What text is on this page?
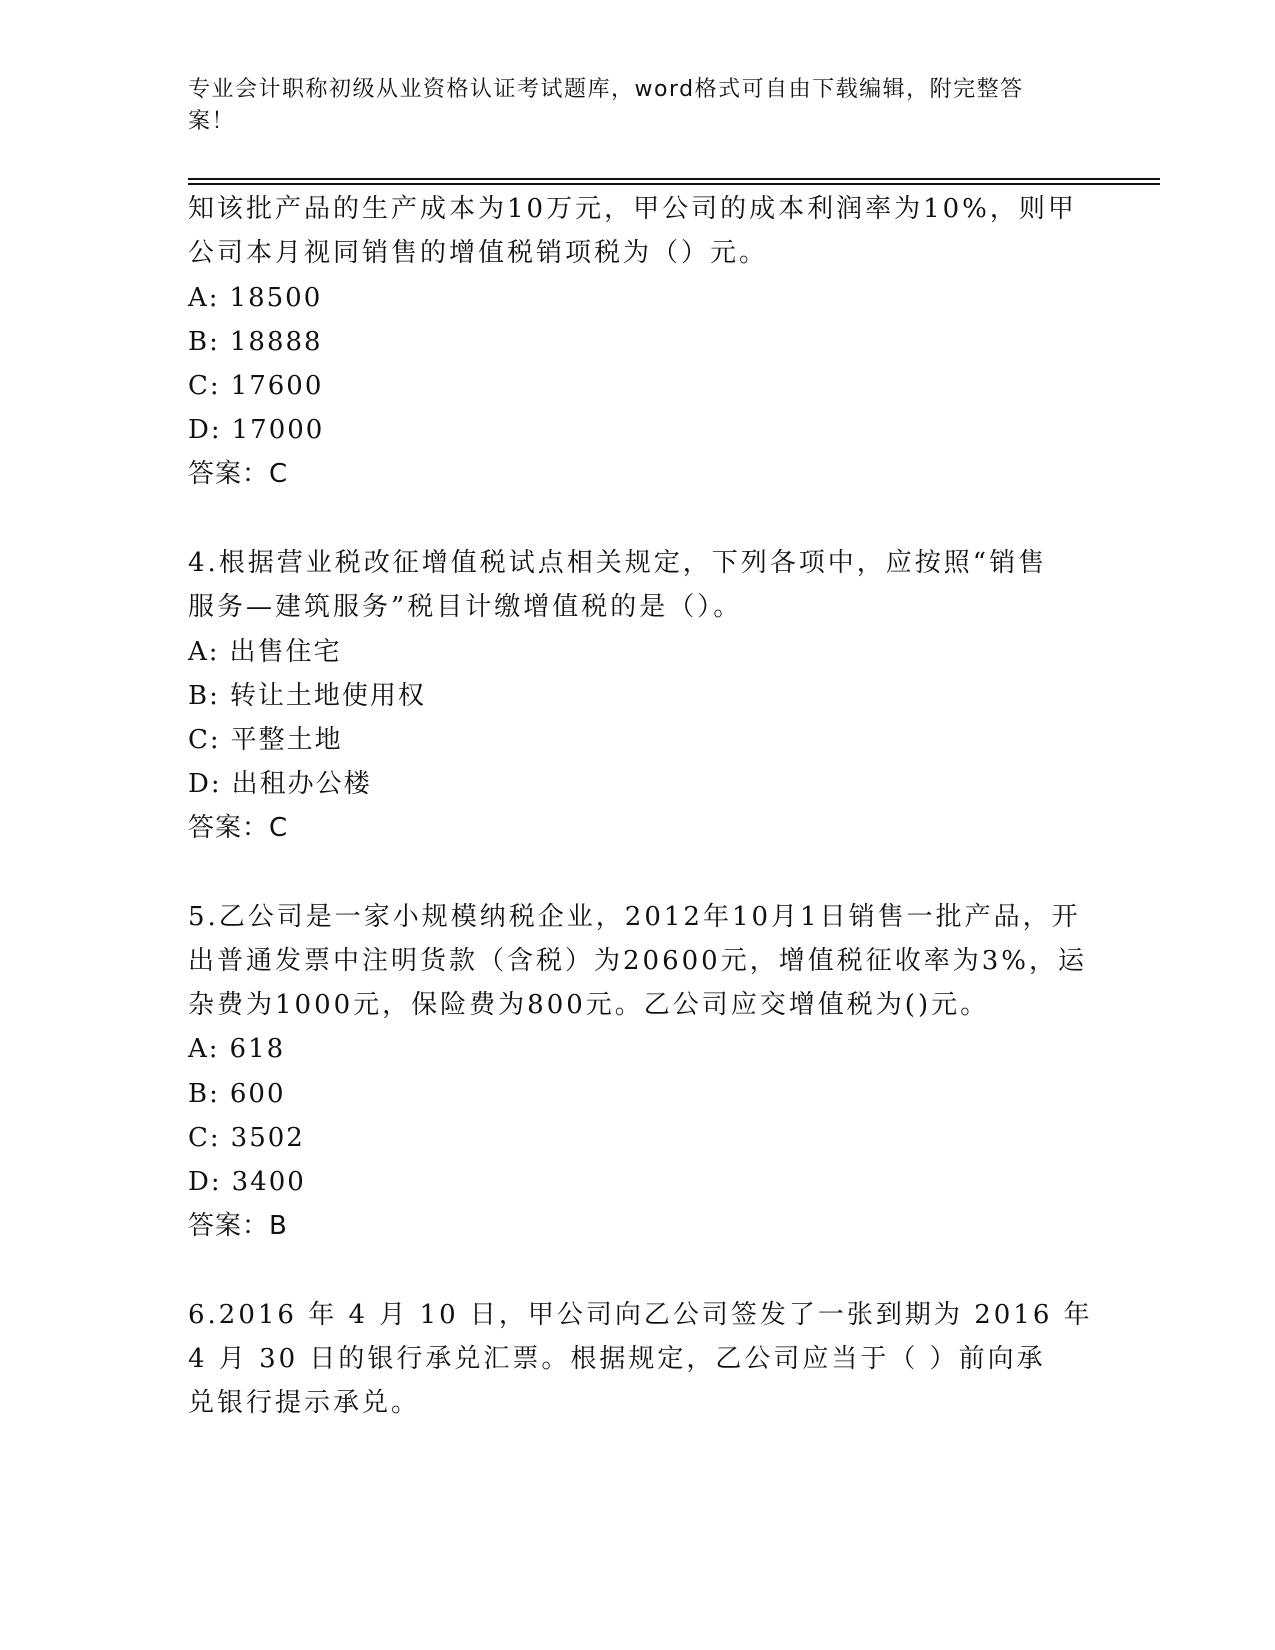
专业会计职称初级从业资格认证考试题库，word格式可自由下载编辑，附完整答案！
知该批产品的生产成本为10万元，甲公司的成本利润率为10%，则甲
公司本月视同销售的增值税销项税为（）元。
A: 18500
B: 18888
C: 17600
D: 17000
答案：C
4.根据营业税改征增值税试点相关规定，下列各项中，应按照“销售
服务—建筑服务”税目计缴增值税的是（）。
A: 出售住宅
B: 转让土地使用权
C: 平整土地
D: 出租办公楼
答案：C
5.乙公司是一家小规模纳税企业，2012年10月1日销售一批产品，开
出普通发票中注明货款（含税）为20600元，增值税征收率为3%，运
杂费为1000元，保险费为800元。乙公司应交增值税为()元。
A: 618
B: 600
C: 3502
D: 3400
答案：B
6.2016 年 4 月 10 日，甲公司向乙公司签发了一张到期为 2016 年
4 月 30 日的银行承兑汇票。根据规定，乙公司应当于（ ）前向承
兑银行提示承兑。
